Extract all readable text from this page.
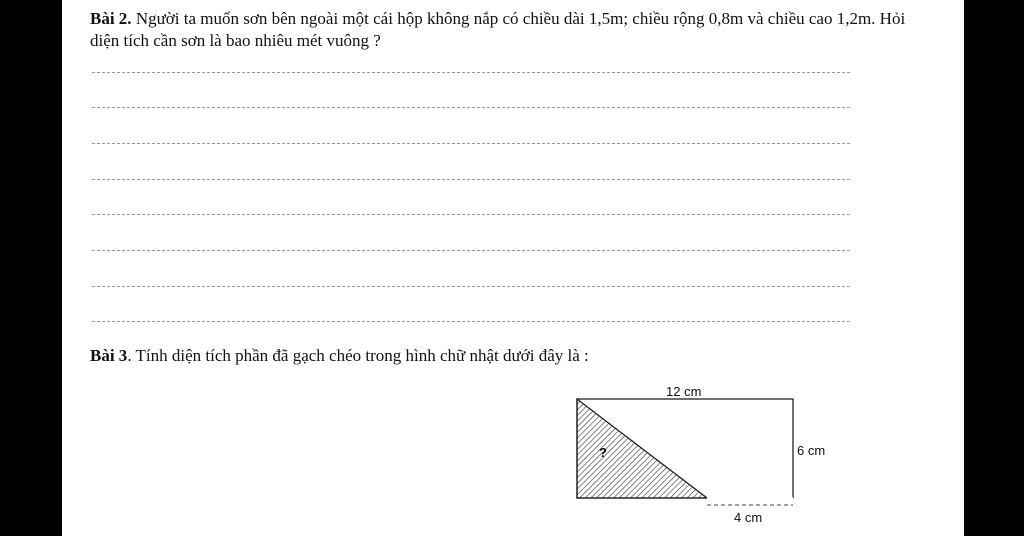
Bài 2. Người ta muốn sơn bên ngoài một cái hộp không nắp có chiều dài 1,5m; chiều rộng 0,8m và chiều cao 1,2m. Hỏi diện tích cần sơn là bao nhiêu mét vuông ?

Bài 3. Tính diện tích phần đã gạch chéo trong hình chữ nhật dưới đây là :

12 cm
6 cm
4 cm
?
